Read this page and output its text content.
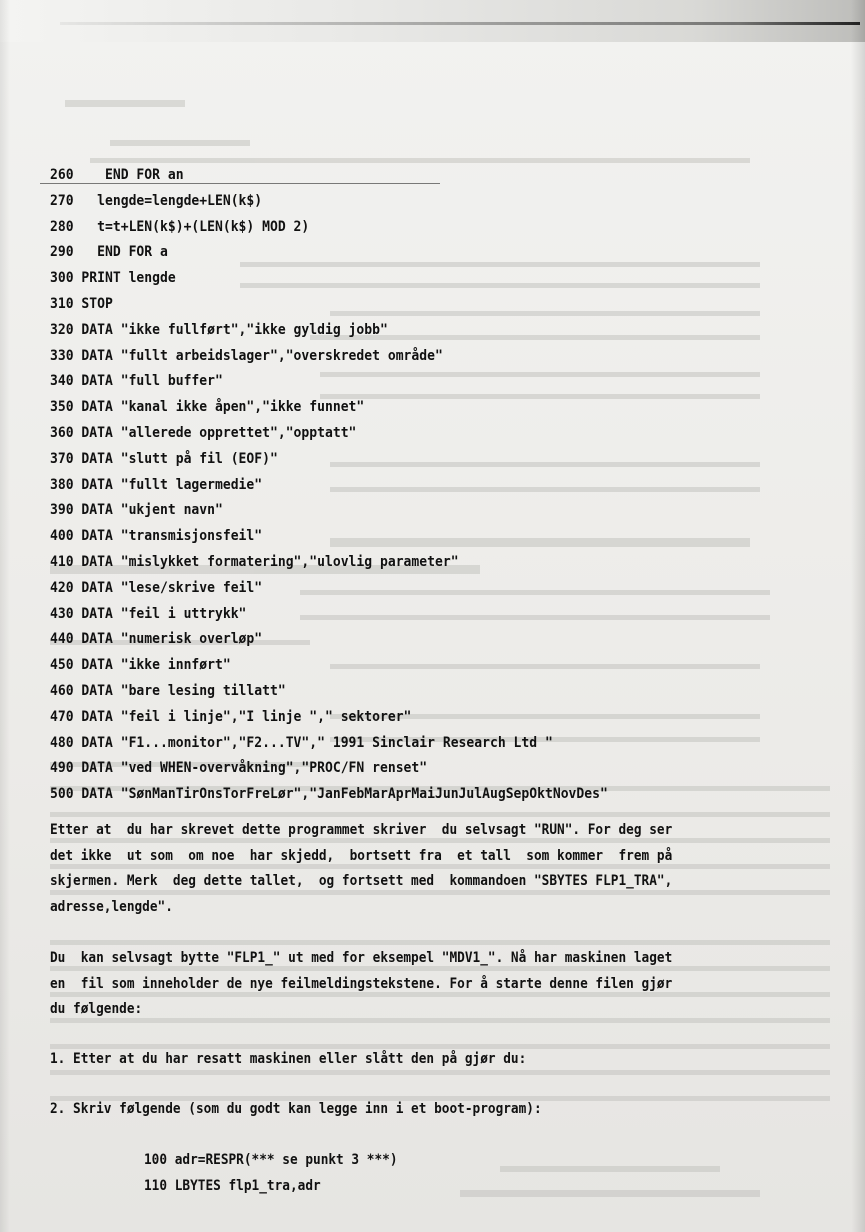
260    END FOR an
270   lengde=lengde+LEN(k$)
280   t=t+LEN(k$)+(LEN(k$) MOD 2)
290   END FOR a
300 PRINT lengde
310 STOP
320 DATA "ikke fullført","ikke gyldig jobb"
330 DATA "fullt arbeidslager","overskredet område"
340 DATA "full buffer"
350 DATA "kanal ikke åpen","ikke funnet"
360 DATA "allerede opprettet","opptatt"
370 DATA "slutt på fil (EOF)"
380 DATA "fullt lagermedie"
390 DATA "ukjent navn"
400 DATA "transmisjonsfeil"
410 DATA "mislykket formatering","ulovlig parameter"
420 DATA "lese/skrive feil"
430 DATA "feil i uttrykk"
440 DATA "numerisk overløp"
450 DATA "ikke innført"
460 DATA "bare lesing tillatt"
470 DATA "feil i linje","I linje "," sektorer"
480 DATA "F1...monitor","F2...TV"," 1991 Sinclair Research Ltd "
490 DATA "ved WHEN-overvåkning","PROC/FN renset"
500 DATA "SønManTirOnsTorFreLør","JanFebMarAprMaiJunJulAugSepOktNovDes"
Etter at  du har skrevet dette programmet skriver  du selvsagt "RUN". For deg ser
det ikke  ut som  om noe  har skjedd,  bortsett fra  et tall  som kommer  frem på
skjermen. Merk  deg dette tallet,  og fortsett med  kommandoen "SBYTES FLP1_TRA",
adresse,lengde".
Du  kan selvsagt bytte "FLP1_" ut med for eksempel "MDV1_". Nå har maskinen laget
en  fil som inneholder de nye feilmeldingstekstene. For å starte denne filen gjør
du følgende:
1. Etter at du har resatt maskinen eller slått den på gjør du:
2. Skriv følgende (som du godt kan legge inn i et boot-program):
100 adr=RESPR(*** se punkt 3 ***)
110 LBYTES flp1_tra,adr
